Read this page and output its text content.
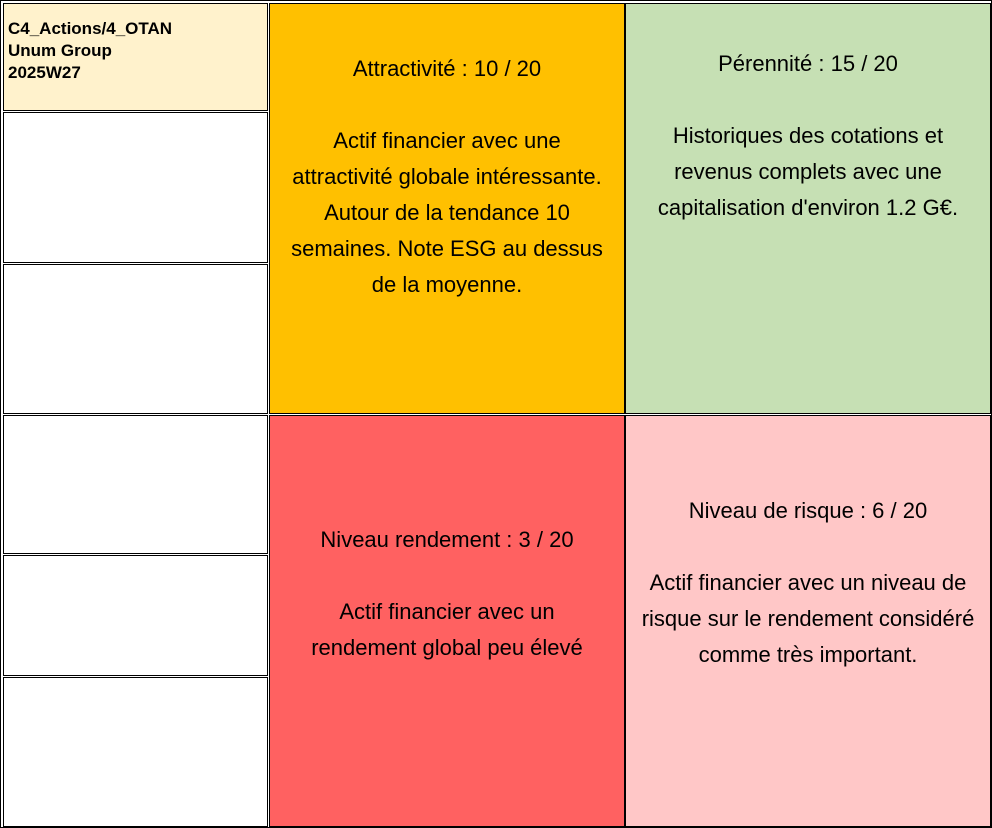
C4_Actions/4_OTAN
Unum Group
2025W27	Attractivité : 10 / 20
Actif financier avec une attractivité globale intéressante. Autour de la tendance 10 semaines. Note ESG au dessus de la moyenne.
Pérennité : 15 / 20
Historiques des cotations et revenus complets avec une capitalisation d'environ 1.2 G€.
Niveau rendement : 3 / 20
Actif financier avec un rendement global peu élevé
Niveau de risque : 6 / 20
Actif financier avec un niveau de risque sur le rendement considéré comme très important.
